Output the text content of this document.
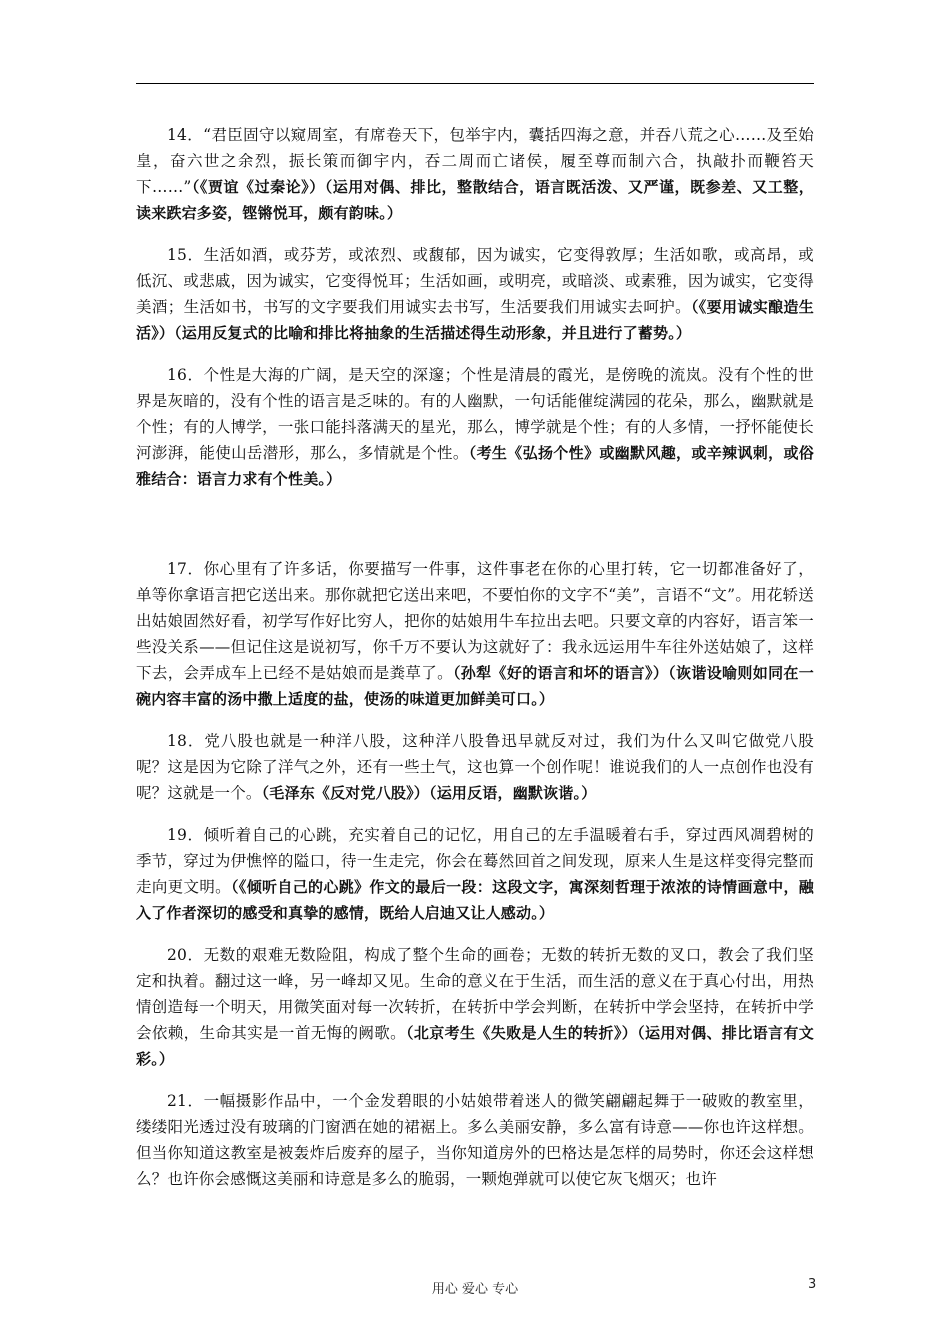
14．“君臣固守以窥周室，有席卷天下，包举宇内，囊括四海之意，并吞八荒之心……及至始皇，奋六世之余烈，振长策而御宇内，吞二周而亡诸侯，履至尊而制六合，执敲扑而鞭笞天下……”（《贾谊《过秦论》）（运用对偶、排比，整散结合，语言既活泼、又严谨，既参差、又工整，读来跌宕多姿，铿锵悦耳，颇有韵味。）

15．生活如酒，或芬芳，或浓烈、或馥郁，因为诚实，它变得敦厚；生活如歌，或高昂，或低沉、或悲戚，因为诚实，它变得悦耳；生活如画，或明亮，或暗淡、或素雅，因为诚实，它变得美酒；生活如书，书写的文字要我们用诚实去书写，生活要我们用诚实去呵护。（《要用诚实酿造生活》）（运用反复式的比喻和排比将抽象的生活描述得生动形象，并且进行了蓄势。）

16．个性是大海的广阔，是天空的深邃；个性是清晨的霞光，是傍晚的流岚。没有个性的世界是灰暗的，没有个性的语言是乏味的。有的人幽默，一句话能催绽满园的花朵，那么，幽默就是个性；有的人博学，一张口能抖落满天的星光，那么，博学就是个性；有的人多情，一抒怀能使长河澎湃，能使山岳潜形，那么，多情就是个性。（考生《弘扬个性》或幽默风趣，或辛辣讽刺，或俗雅结合：语言力求有个性美。）

17．你心里有了许多话，你要描写一件事，这件事老在你的心里打转，它一切都准备好了，单等你拿语言把它送出来。那你就把它送出来吧，不要怕你的文字不“美”，言语不“文”。用花轿送出姑娘固然好看，初学写作好比穷人，把你的姑娘用牛车拉出去吧。只要文章的内容好，语言笨一些没关系——但记住这是说初写，你千万不要认为这就好了：我永远运用牛车往外送姑娘了，这样下去，会弄成车上已经不是姑娘而是粪草了。（孙犁《好的语言和坏的语言》）（诙谐设喻则如同在一碗内容丰富的汤中撒上适度的盐，使汤的味道更加鲜美可口。）

18．党八股也就是一种洋八股，这种洋八股鲁迅早就反对过，我们为什么又叫它做党八股呢？这是因为它除了洋气之外，还有一些土气，这也算一个创作呢！谁说我们的人一点创作也没有呢？这就是一个。（毛泽东《反对党八股》）（运用反语，幽默诙谐。）

19．倾听着自己的心跳，充实着自己的记忆，用自己的左手温暖着右手，穿过西风凋碧树的季节，穿过为伊憔悴的隘口，待一生走完，你会在蓦然回首之间发现，原来人生是这样变得完整而走向更文明。（《倾听自己的心跳》作文的最后一段：这段文字，寓深刻哲理于浓浓的诗情画意中，融入了作者深切的感受和真挚的感情，既给人启迪又让人感动。）

20．无数的艰难无数险阻，构成了整个生命的画卷；无数的转折无数的叉口，教会了我们坚定和执着。翻过这一峰，另一峰却又见。生命的意义在于生活，而生活的意义在于真心付出，用热情创造每一个明天，用微笑面对每一次转折，在转折中学会判断，在转折中学会坚持，在转折中学会依赖，生命其实是一首无悔的阙歌。（北京考生《失败是人生的转折》）（运用对偶、排比语言有文彩。）

21．一幅摄影作品中，一个金发碧眼的小姑娘带着迷人的微笑翩翩起舞于一破败的教室里，缕缕阳光透过没有玻璃的门窗洒在她的裙裾上。多么美丽安静，多么富有诗意——你也许这样想。但当你知道这教室是被轰炸后废弃的屋子，当你知道房外的巴格达是怎样的局势时，你还会这样想么？也许你会感慨这美丽和诗意是多么的脆弱，一颗炮弹就可以使它灰飞烟灭；也许

用心 爱心 专心	3
